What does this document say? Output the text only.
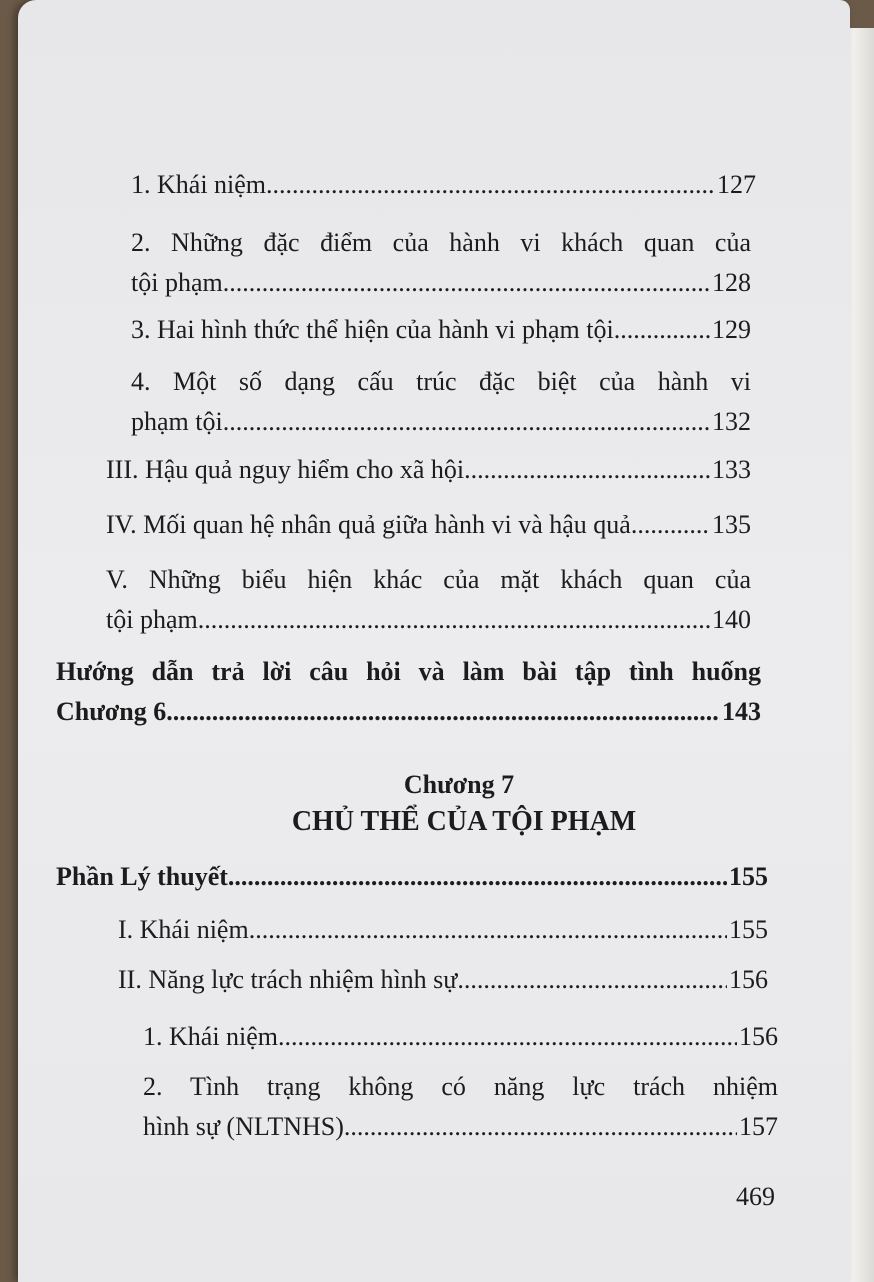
1. Khái niệm .....	127
2. Những đặc điểm của hành vi khách quan của
tội phạm .....	128
3. Hai hình thức thể hiện của hành vi phạm tội .....	129
4. Một số dạng cấu trúc đặc biệt của hành vi
phạm tội .....	132
III. Hậu quả nguy hiểm cho xã hội .....	133
IV. Mối quan hệ nhân quả giữa hành vi và hậu quả .....	135
V. Những biểu hiện khác của mặt khách quan của
tội phạm .....	140
Hướng dẫn trả lời câu hỏi và làm bài tập tình huống
Chương 6 .....	143
Chương 7
CHỦ THỂ CỦA TỘI PHẠM
Phần Lý thuyết .....	155
I. Khái niệm .....	155
II. Năng lực trách nhiệm hình sự .....	156
1. Khái niệm .....	156
2. Tình trạng không có năng lực trách nhiệm
hình sự (NLTNHS) .....	157
469
